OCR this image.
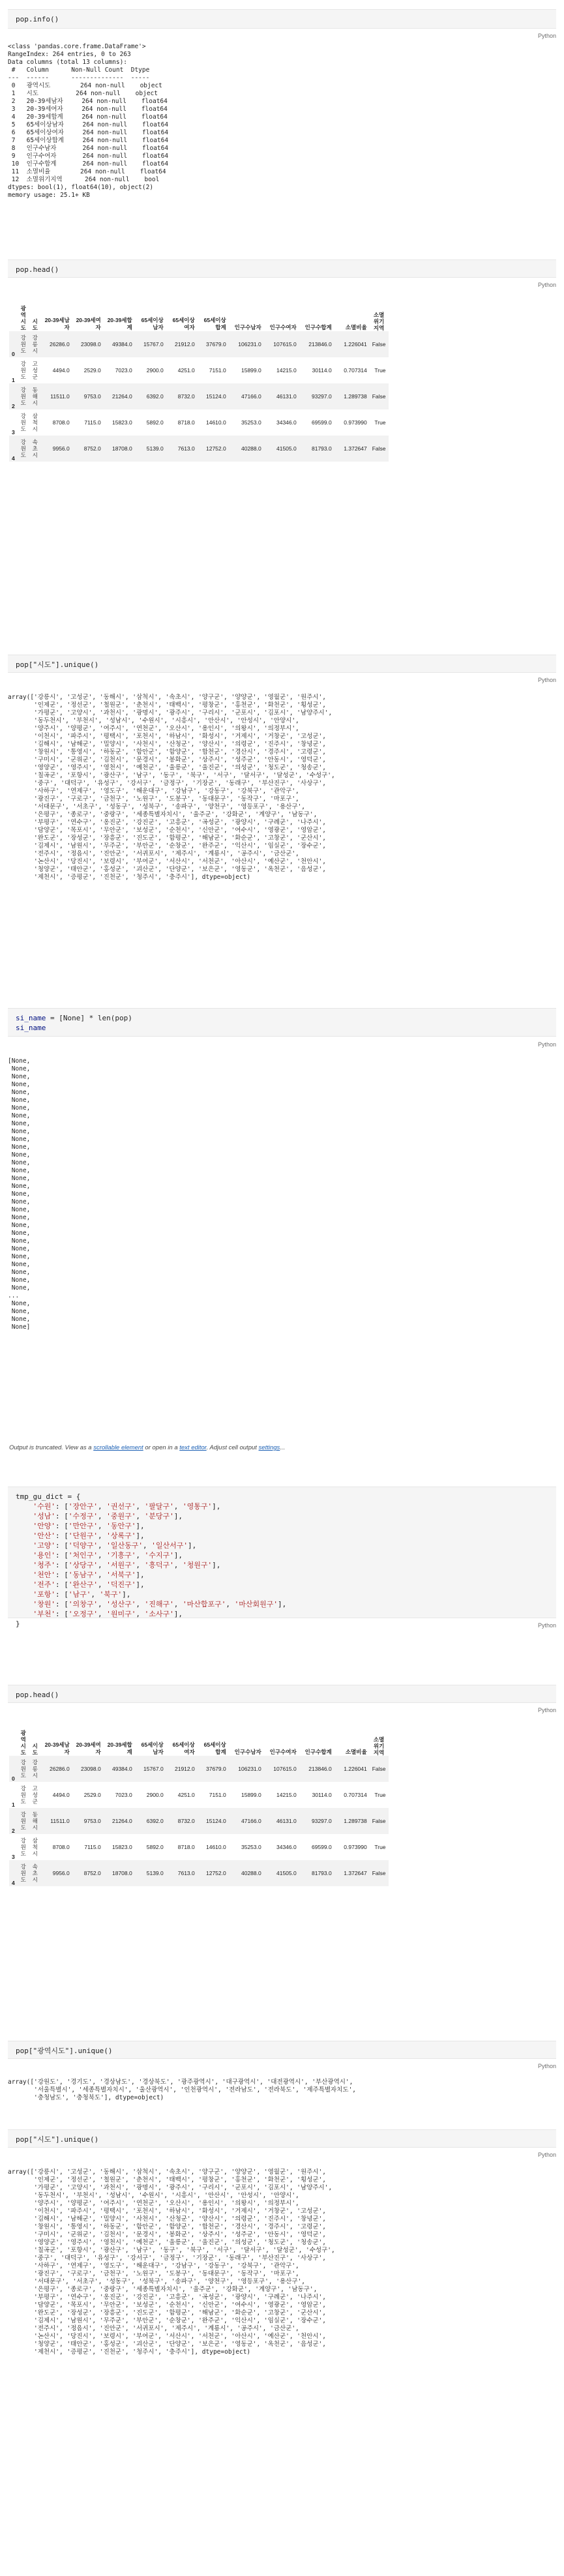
pop.info()
Python
<class 'pandas.core.frame.DataFrame'>
RangeIndex: 264 entries, 0 to 263
Data columns (total 13 columns):
#   Column      Non-Null Count  Dtype
---  ------      --------------  -----
0   광역시도        264 non-null    object
1   시도          264 non-null    object
2   20-39세남자     264 non-null    float64
3   20-39세여자     264 non-null    float64
4   20-39세합계     264 non-null    float64
5   65세이상남자     264 non-null    float64
6   65세이상여자     264 non-null    float64
7   65세이상합계     264 non-null    float64
8   인구수남자       264 non-null    float64
9   인구수여자       264 non-null    float64
10  인구수합계       264 non-null    float64
11  소멸비율        264 non-null    float64
12  소멸위기지역      264 non-null    bool
dtypes: bool(1), float64(10), object(2)
memory usage: 25.1+ KB
pop.head()
Python
	광역시도	시도	20-39세남자	20-39세여자	20-39세합계	65세이상남자	65세이상여자	65세이상합계	인구수남자	인구수여자	인구수합계	소멸비율	소멸위기지역
0	강원도	강릉시	26286.0	23098.0	49384.0	15767.0	21912.0	37679.0	106231.0	107615.0	213846.0	1.226041	False
1	강원도	고성군	4494.0	2529.0	7023.0	2900.0	4251.0	7151.0	15899.0	14215.0	30114.0	0.707314	True
2	강원도	동해시	11511.0	9753.0	21264.0	6392.0	8732.0	15124.0	47166.0	46131.0	93297.0	1.289738	False
3	강원도	삼척시	8708.0	7115.0	15823.0	5892.0	8718.0	14610.0	35253.0	34346.0	69599.0	0.973990	True
4	강원도	속초시	9956.0	8752.0	18708.0	5139.0	7613.0	12752.0	40288.0	41505.0	81793.0	1.372647	False
pop["시도"].unique()
Python
array(['강릉시', '고성군', '동해시', '삼척시', '속초시', '양구군', '양양군', '영월군', '원주시',
'인제군', '정선군', '철원군', '춘천시', '태백시', '평창군', '홍천군', '화천군', '횡성군',
'가평군', '고양시', '과천시', '광명시', '광주시', '구리시', '군포시', '김포시', '남양주시',
'동두천시', '부천시', '성남시', '수원시', '시흥시', '안산시', '안성시', '안양시',
'양주시', '양평군', '여주시', '연천군', '오산시', '용인시', '의왕시', '의정부시',
'이천시', '파주시', '평택시', '포천시', '하남시', '화성시', '거제시', '거창군', '고성군',
'김해시', '남해군', '밀양시', '사천시', '산청군', '양산시', '의령군', '진주시', '창녕군',
'창원시', '통영시', '하동군', '함안군', '함양군', '합천군', '경산시', '경주시', '고령군',
'구미시', '군위군', '김천시', '문경시', '봉화군', '상주시', '성주군', '안동시', '영덕군',
'영양군', '영주시', '영천시', '예천군', '울릉군', '울진군', '의성군', '청도군', '청송군',
'칠곡군', '포항시', '광산구', '남구', '동구', '북구', '서구', '달서구', '달성군', '수성구',
'중구', '대덕구', '유성구', '강서구', '금정구', '기장군', '동래구', '부산진구', '사상구',
'사하구', '연제구', '영도구', '해운대구', '강남구', '강동구', '강북구', '관악구',
'광진구', '구로구', '금천구', '노원구', '도봉구', '동대문구', '동작구', '마포구',
'서대문구', '서초구', '성동구', '성북구', '송파구', '양천구', '영등포구', '용산구',
'은평구', '종로구', '중랑구', '세종특별자치시', '울주군', '강화군', '계양구', '남동구',
'부평구', '연수구', '옹진군', '강진군', '고흥군', '곡성군', '광양시', '구례군', '나주시',
'담양군', '목포시', '무안군', '보성군', '순천시', '신안군', '여수시', '영광군', '영암군',
'완도군', '장성군', '장흥군', '진도군', '함평군', '해남군', '화순군', '고창군', '군산시',
'김제시', '남원시', '무주군', '부안군', '순창군', '완주군', '익산시', '임실군', '장수군',
'전주시', '정읍시', '진안군', '서귀포시', '제주시', '계룡시', '공주시', '금산군',
'논산시', '당진시', '보령시', '부여군', '서산시', '서천군', '아산시', '예산군', '천안시',
'청양군', '태안군', '홍성군', '괴산군', '단양군', '보은군', '영동군', '옥천군', '음성군',
'제천시', '증평군', '진천군', '청주시', '충주시'], dtype=object)
si_name = [None] * len(pop)
si_name
Python
[None,
None,
None,
None,
None,
None,
None,
None,
None,
None,
None,
None,
None,
None,
None,
None,
None,
None,
None,
None,
None,
None,
None,
None,
None,
None,
None,
None,
None,
None,
...
None,
None,
None,
None]
Output is truncated. View as a scrollable element or open in a text editor. Adjust cell output settings...
tmp_gu_dict = {
'수원': ['장안구', '권선구', '팔달구', '영통구'],
'성남': ['수정구', '중원구', '분당구'],
'안양': ['만안구', '동안구'],
'안산': ['단원구', '상록구'],
'고양': ['덕양구', '일산동구', '일산서구'],
'용인': ['처인구', '기흥구', '수지구'],
'청주': ['상당구', '서원구', '흥덕구', '청원구'],
'천안': ['동남구', '서북구'],
'전주': ['완산구', '덕진구'],
'포항': ['남구', '북구'],
'창원': ['의창구', '성산구', '진해구', '마산합포구', '마산회원구'],
'부천': ['오정구', '원미구', '소사구'],
}	Python
pop.head()
Python
	광역시도	시도	20-39세남자	20-39세여자	20-39세합계	65세이상남자	65세이상여자	65세이상합계	인구수남자	인구수여자	인구수합계	소멸비율	소멸위기지역
0	강원도	강릉시	26286.0	23098.0	49384.0	15767.0	21912.0	37679.0	106231.0	107615.0	213846.0	1.226041	False
1	강원도	고성군	4494.0	2529.0	7023.0	2900.0	4251.0	7151.0	15899.0	14215.0	30114.0	0.707314	True
2	강원도	동해시	11511.0	9753.0	21264.0	6392.0	8732.0	15124.0	47166.0	46131.0	93297.0	1.289738	False
3	강원도	삼척시	8708.0	7115.0	15823.0	5892.0	8718.0	14610.0	35253.0	34346.0	69599.0	0.973990	True
4	강원도	속초시	9956.0	8752.0	18708.0	5139.0	7613.0	12752.0	40288.0	41505.0	81793.0	1.372647	False
pop["광역시도"].unique()
Python
array(['강원도', '경기도', '경상남도', '경상북도', '광주광역시', '대구광역시', '대전광역시', '부산광역시',
'서울특별시', '세종특별자치시', '울산광역시', '인천광역시', '전라남도', '전라북도', '제주특별자치도',
'충청남도', '충청북도'], dtype=object)
pop["시도"].unique()
Python
array(['강릉시', '고성군', '동해시', '삼척시', '속초시', '양구군', '양양군', '영월군', '원주시',
'인제군', '정선군', '철원군', '춘천시', '태백시', '평창군', '홍천군', '화천군', '횡성군',
'가평군', '고양시', '과천시', '광명시', '광주시', '구리시', '군포시', '김포시', '남양주시',
'동두천시', '부천시', '성남시', '수원시', '시흥시', '안산시', '안성시', '안양시',
'양주시', '양평군', '여주시', '연천군', '오산시', '용인시', '의왕시', '의정부시',
'이천시', '파주시', '평택시', '포천시', '하남시', '화성시', '거제시', '거창군', '고성군',
'김해시', '남해군', '밀양시', '사천시', '산청군', '양산시', '의령군', '진주시', '창녕군',
'창원시', '통영시', '하동군', '함안군', '함양군', '합천군', '경산시', '경주시', '고령군',
'구미시', '군위군', '김천시', '문경시', '봉화군', '상주시', '성주군', '안동시', '영덕군',
'영양군', '영주시', '영천시', '예천군', '울릉군', '울진군', '의성군', '청도군', '청송군',
'칠곡군', '포항시', '광산구', '남구', '동구', '북구', '서구', '달서구', '달성군', '수성구',
'중구', '대덕구', '유성구', '강서구', '금정구', '기장군', '동래구', '부산진구', '사상구',
'사하구', '연제구', '영도구', '해운대구', '강남구', '강동구', '강북구', '관악구',
'광진구', '구로구', '금천구', '노원구', '도봉구', '동대문구', '동작구', '마포구',
'서대문구', '서초구', '성동구', '성북구', '송파구', '양천구', '영등포구', '용산구',
'은평구', '종로구', '중랑구', '세종특별자치시', '울주군', '강화군', '계양구', '남동구',
'부평구', '연수구', '옹진군', '강진군', '고흥군', '곡성군', '광양시', '구례군', '나주시',
'담양군', '목포시', '무안군', '보성군', '순천시', '신안군', '여수시', '영광군', '영암군',
'완도군', '장성군', '장흥군', '진도군', '함평군', '해남군', '화순군', '고창군', '군산시',
'김제시', '남원시', '무주군', '부안군', '순창군', '완주군', '익산시', '임실군', '장수군',
'전주시', '정읍시', '진안군', '서귀포시', '제주시', '계룡시', '공주시', '금산군',
'논산시', '당진시', '보령시', '부여군', '서산시', '서천군', '아산시', '예산군', '천안시',
'청양군', '태안군', '홍성군', '괴산군', '단양군', '보은군', '영동군', '옥천군', '음성군',
'제천시', '증평군', '진천군', '청주시', '충주시'], dtype=object)
